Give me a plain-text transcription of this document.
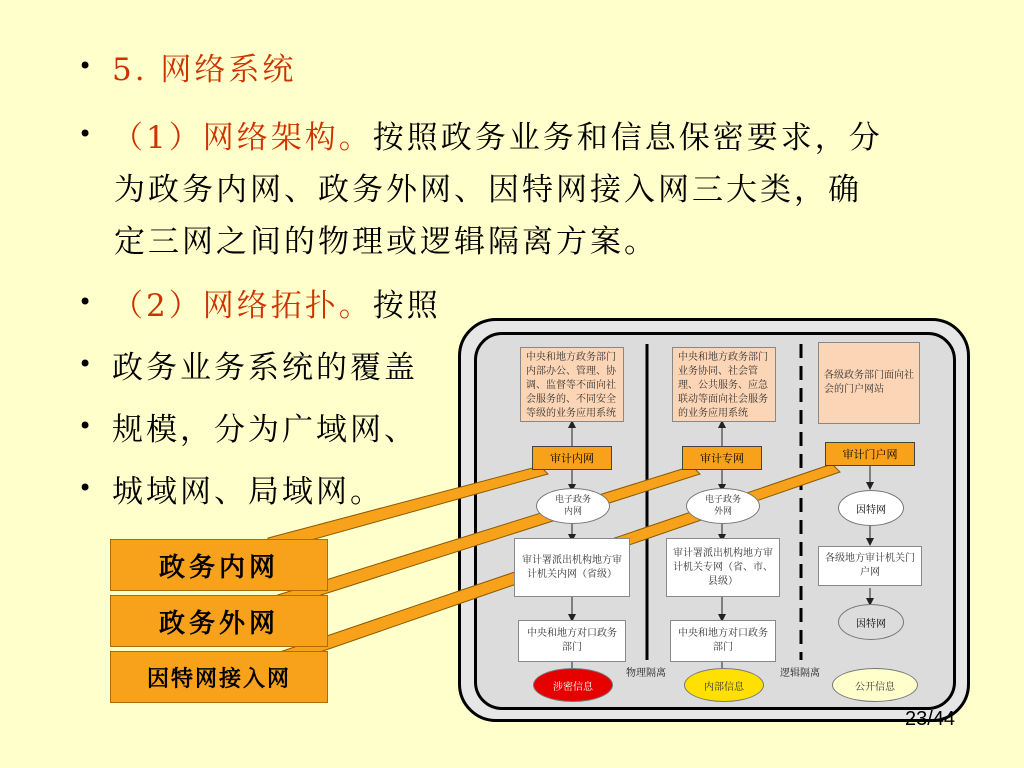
• 5. 网络系统
• （1）网络架构。按照政务业务和信息保密要求，分
为政务内网、政务外网、因特网接入网三大类，确
定三网之间的物理或逻辑隔离方案。
• （2）网络拓扑。按照
• 政务业务系统的覆盖
• 规模，分为广域网、
• 城域网、局域网。
中央和地方政务部门内部办公、管理、协调、监督等不面向社会服务的、不同安全等级的业务应用系统
审计内网
电子政务内网
审计署派出机构地方审计机关内网（省级）
中央和地方对口政务部门
涉密信息
中央和地方政务部门业务协同、社会管理、公共服务、应急联动等面向社会服务的业务应用系统
审计专网
电子政务外网
审计署派出机构地方审计机关专网（省、市、县级）
中央和地方对口政务部门
内部信息
各级政务部门面向社会的门户网站
审计门户网
因特网
各级地方审计机关门户网
因特网
公开信息
物理隔离	逻辑隔离
政务内网
政务外网
因特网接入网
23/44
